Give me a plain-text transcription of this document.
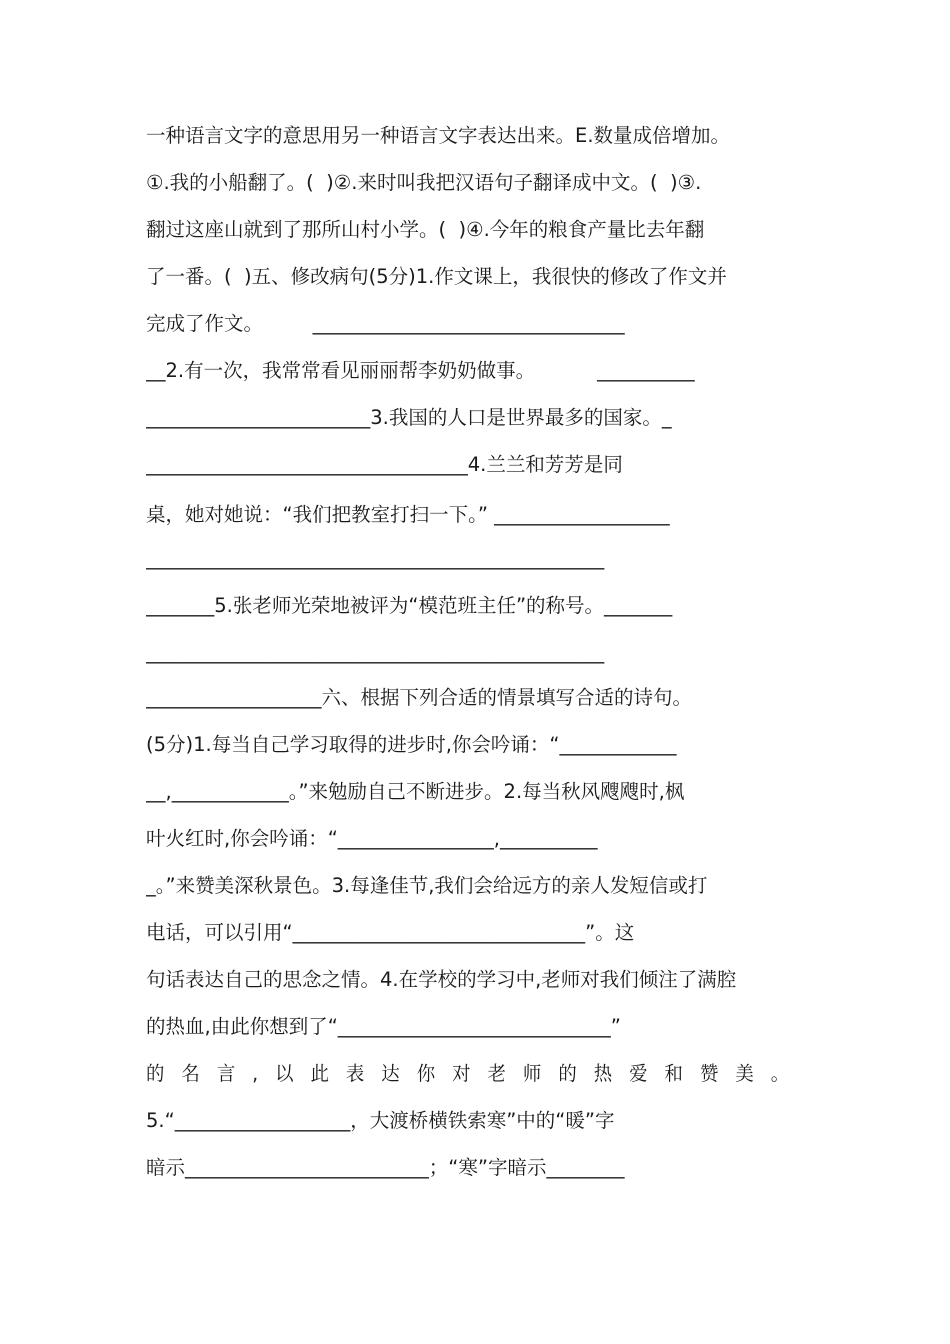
一种语言文字的意思用另一种语言文字表达出来。E.数量成倍增加。
①.我的小船翻了。(  )②.来时叫我把汉语句子翻译成中文。(  )③.
翻过这座山就到了那所山村小学。(  )④.今年的粮食产量比去年翻
了一番。(  )五、修改病句(5分)1.作文课上，我很快的修改了作文并
完成了作文。        ________________________________
__2.有一次，我常常看见丽丽帮李奶奶做事。          __________
_______________________3.我国的人口是世界最多的国家。_
_________________________________4.兰兰和芳芳是同
桌，她对她说：“我们把教室打扫一下。” __________________
_______________________________________________
_______5.张老师光荣地被评为“模范班主任”的称号。_______
_______________________________________________
__________________六、根据下列合适的情景填写合适的诗句。
(5分)1.每当自己学习取得的进步时,你会吟诵：“____________
__,____________。”来勉励自己不断进步。2.每当秋风飕飕时,枫
叶火红时,你会吟诵：“________________,__________
_。”来赞美深秋景色。3.每逢佳节,我们会给远方的亲人发短信或打
电话，可以引用“______________________________”。这
句话表达自己的思念之情。4.在学校的学习中,老师对我们倾注了满腔
的热血,由此你想到了“____________________________”
的名言,以此表达你对老师的热爱和赞美。
5.“__________________，大渡桥横铁索寒”中的“暖”字
暗示_________________________；“寒”字暗示________
